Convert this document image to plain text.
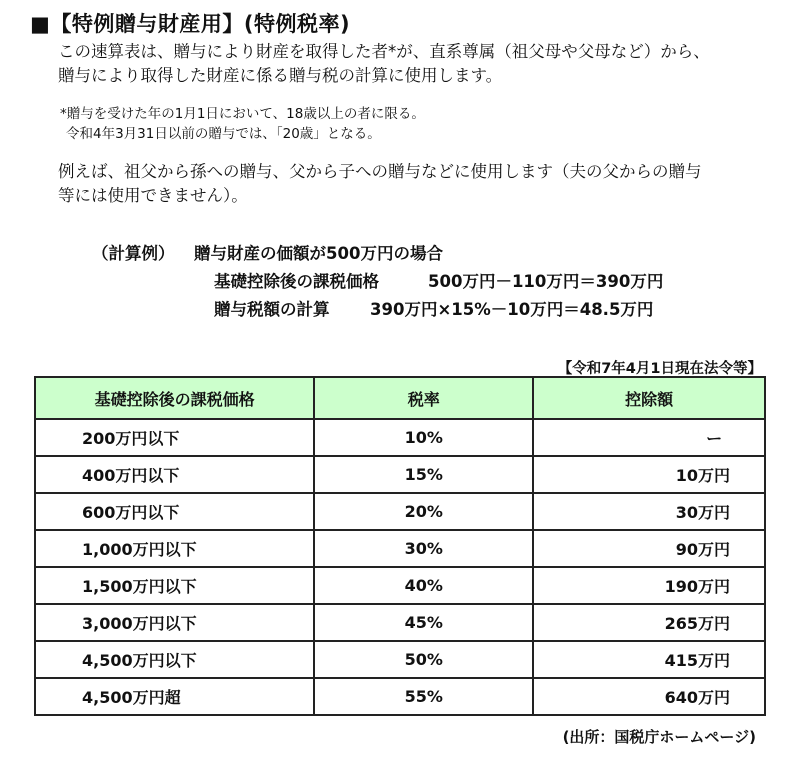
■【特例贈与財産用】(特例税率)
この速算表は、贈与により財産を取得した者*が、直系尊属（祖父母や父母など）から、
贈与により取得した財産に係る贈与税の計算に使用します。
*贈与を受けた年の1月1日において、18歳以上の者に限る。
令和4年3月31日以前の贈与では、「20歳」となる。
例えば、祖父から孫への贈与、父から子への贈与などに使用します（夫の父からの贈与
等には使用できません）。
（計算例） 贈与財産の価額が500万円の場合
基礎控除後の課税価格	500万円－110万円＝390万円
贈与税額の計算 390万円×15%－10万円＝48.5万円
【令和7年4月1日現在法令等】
基礎控除後の課税価格	税率	控除額
200万円以下	10%	ー
400万円以下	15%	10万円
600万円以下	20%	30万円
1,000万円以下	30%	90万円
1,500万円以下	40%	190万円
3,000万円以下	45%	265万円
4,500万円以下	50%	415万円
4,500万円超	55%	640万円
(出所：国税庁ホームページ)
